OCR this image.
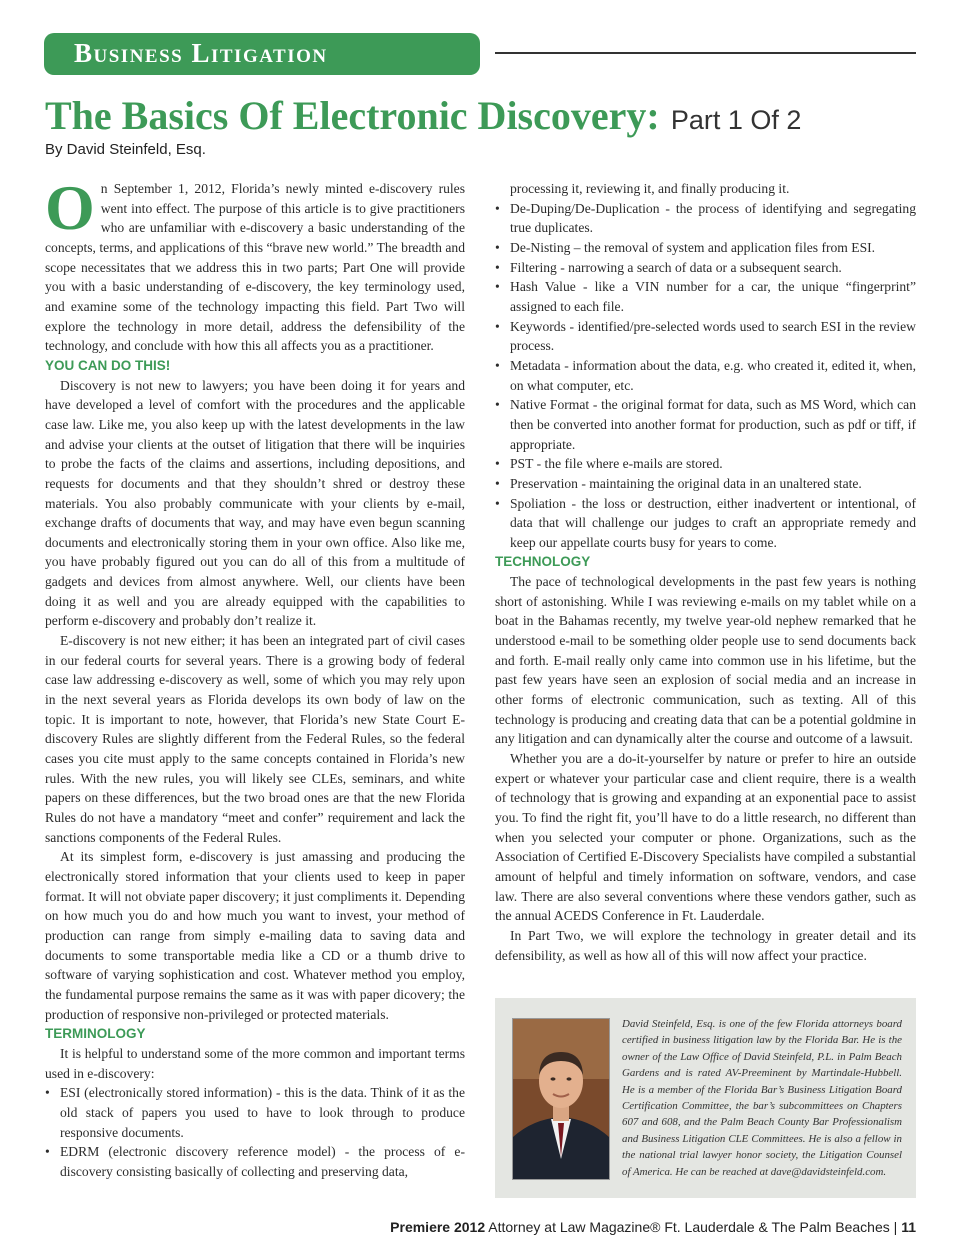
Business Litigation
The Basics Of Electronic Discovery: Part 1 Of 2
By David Steinfeld, Esq.

On September 1, 2012, Florida’s newly minted e-discovery rules went into effect. The purpose of this article is to give practitioners who are unfamiliar with e-discovery a basic understanding of the concepts, terms, and applications of this “brave new world.” The breadth and scope necessitates that we address this in two parts; Part One will provide you with a basic understanding of e-discovery, the key terminology used, and examine some of the technology impacting this field. Part Two will explore the technology in more detail, address the defensibility of the technology, and conclude with how this all affects you as a practitioner.

YOU CAN DO THIS!

Discovery is not new to lawyers; you have been doing it for years and have developed a level of comfort with the procedures and the applicable case law. Like me, you also keep up with the latest developments in the law and advise your clients at the outset of litigation that there will be inquiries to probe the facts of the claims and assertions, including depositions, and requests for documents and that they shouldn’t shred or destroy these materials. You also probably communicate with your clients by e-mail, exchange drafts of documents that way, and may have even begun scanning documents and electronically storing them in your own office. Also like me, you have probably figured out you can do all of this from a multitude of gadgets and devices from almost anywhere. Well, our clients have been doing it as well and you are already equipped with the capabilities to perform e-discovery and probably don’t realize it.

E-discovery is not new either; it has been an integrated part of civil cases in our federal courts for several years. There is a growing body of federal case law addressing e-discovery as well, some of which you may rely upon in the next several years as Florida develops its own body of law on the topic. It is important to note, however, that Florida’s new State Court E-discovery Rules are slightly different from the Federal Rules, so the federal cases you cite must apply to the same concepts contained in Florida’s new rules. With the new rules, you will likely see CLEs, seminars, and white papers on these differences, but the two broad ones are that the new Florida Rules do not have a mandatory “meet and confer” requirement and lack the sanctions components of the Federal Rules.

At its simplest form, e-discovery is just amassing and producing the electronically stored information that your clients used to keep in paper format. It will not obviate paper discovery; it just compliments it. Depending on how much you do and how much you want to invest, your method of production can range from simply e-mailing data to saving data and documents to some transportable media like a CD or a thumb drive to software of varying sophistication and cost. Whatever method you employ, the fundamental purpose remains the same as it was with paper dicovery; the production of responsive non-privileged or protected materials.

TERMINOLOGY

It is helpful to understand some of the more common and important terms used in e-discovery:

• ESI (electronically stored information) - this is the data. Think of it as the old stack of papers you used to have to look through to produce responsive documents.
• EDRM (electronic discovery reference model) - the process of e-discovery consisting basically of collecting and preserving data,

processing it, reviewing it, and finally producing it.

• De-Duping/De-Duplication - the process of identifying and segregating true duplicates.
• De-Nisting – the removal of system and application files from ESI.
• Filtering - narrowing a search of data or a subsequent search.
• Hash Value - like a VIN number for a car, the unique “fingerprint” assigned to each file.
• Keywords - identified/pre-selected words used to search ESI in the review process.
• Metadata - information about the data, e.g. who created it, edited it, when, on what computer, etc.
• Native Format - the original format for data, such as MS Word, which can then be converted into another format for production, such as pdf or tiff, if appropriate.
• PST - the file where e-mails are stored.
• Preservation - maintaining the original data in an unaltered state.
• Spoliation - the loss or destruction, either inadvertent or intentional, of data that will challenge our judges to craft an appropriate remedy and keep our appellate courts busy for years to come.
TECHNOLOGY

The pace of technological developments in the past few years is nothing short of astonishing. While I was reviewing e-mails on my tablet while on a boat in the Bahamas recently, my twelve year-old nephew remarked that he understood e-mail to be something older people use to send documents back and forth. E-mail really only came into common use in his lifetime, but the past few years have seen an explosion of social media and an increase in other forms of electronic communication, such as texting. All of this technology is producing and creating data that can be a potential goldmine in any litigation and can dynamically alter the course and outcome of a lawsuit.

Whether you are a do-it-yourselfer by nature or prefer to hire an outside expert or whatever your particular case and client require, there is a wealth of technology that is growing and expanding at an exponential pace to assist you. To find the right fit, you’ll have to do a little research, no different than when you selected your computer or phone. Organizations, such as the Association of Certified E-Discovery Specialists have compiled a substantial amount of helpful and timely information on software, vendors, and case law. There are also several conventions where these vendors gather, such as the annual ACEDS Conference in Ft. Lauderdale.

In Part Two, we will explore the technology in greater detail and its defensibility, as well as how all of this will now affect your practice.

David Steinfeld, Esq. is one of the few Florida attorneys board certified in business litigation law by the Florida Bar. He is the owner of the Law Office of David Steinfeld, P.L. in Palm Beach Gardens and is rated AV-Preeminent by Martindale-Hubbell. He is a member of the Florida Bar’s Business Litigation Board Certification Committee, the bar’s subcommittees on Chapters 607 and 608, and the Palm Beach County Bar Professionalism and Business Litigation CLE Committees. He is also a fellow in the national trial lawyer honor society, the Litigation Counsel of America. He can be reached at dave@davidsteinfeld.com.
Premiere 2012 Attorney at Law Magazine® Ft. Lauderdale & The Palm Beaches | 11
